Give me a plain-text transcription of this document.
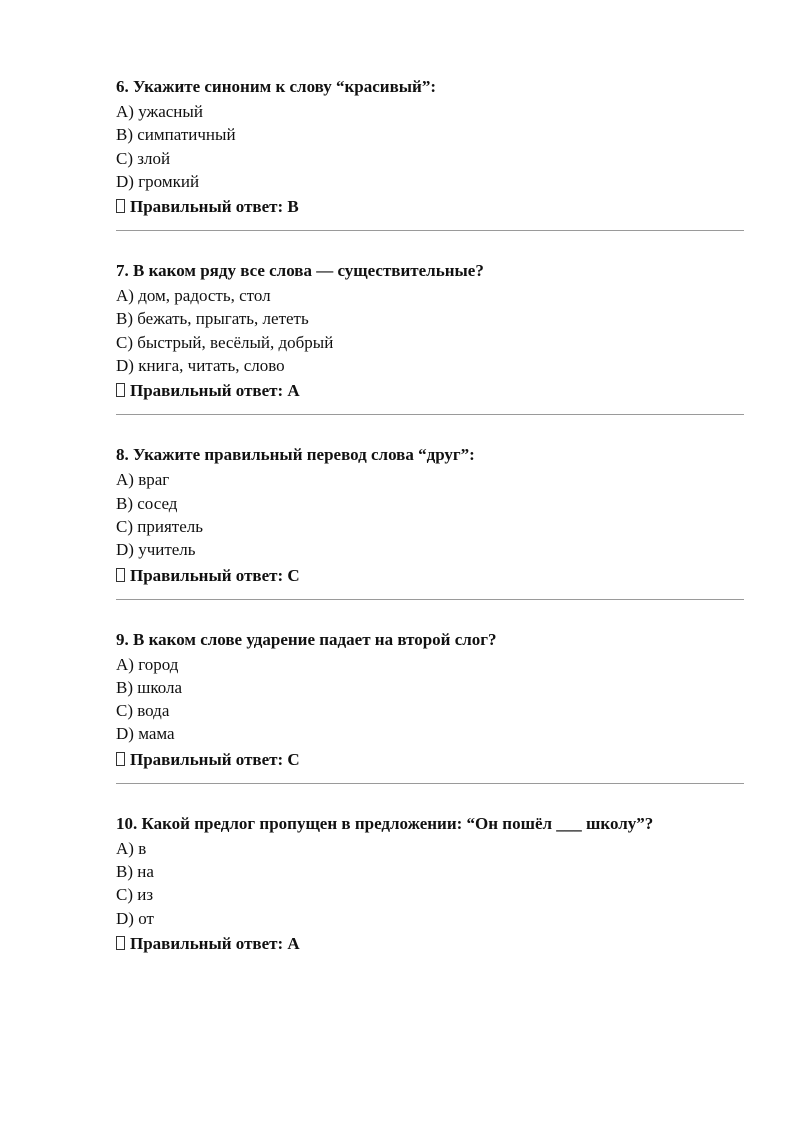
6. Укажите синоним к слову “красивый”:
A) ужасный
B) симпатичный
C) злой
D) громкий
Правильный ответ: B
7. В каком ряду все слова — существительные?
A) дом, радость, стол
B) бежать, прыгать, лететь
C) быстрый, весёлый, добрый
D) книга, читать, слово
Правильный ответ: A
8. Укажите правильный перевод слова “друг”:
A) враг
B) сосед
C) приятель
D) учитель
Правильный ответ: C
9. В каком слове ударение падает на второй слог?
A) город
B) школа
C) вода
D) мама
Правильный ответ: C
10. Какой предлог пропущен в предложении: “Он пошёл ___ школу”?
A) в
B) на
C) из
D) от
Правильный ответ: A
